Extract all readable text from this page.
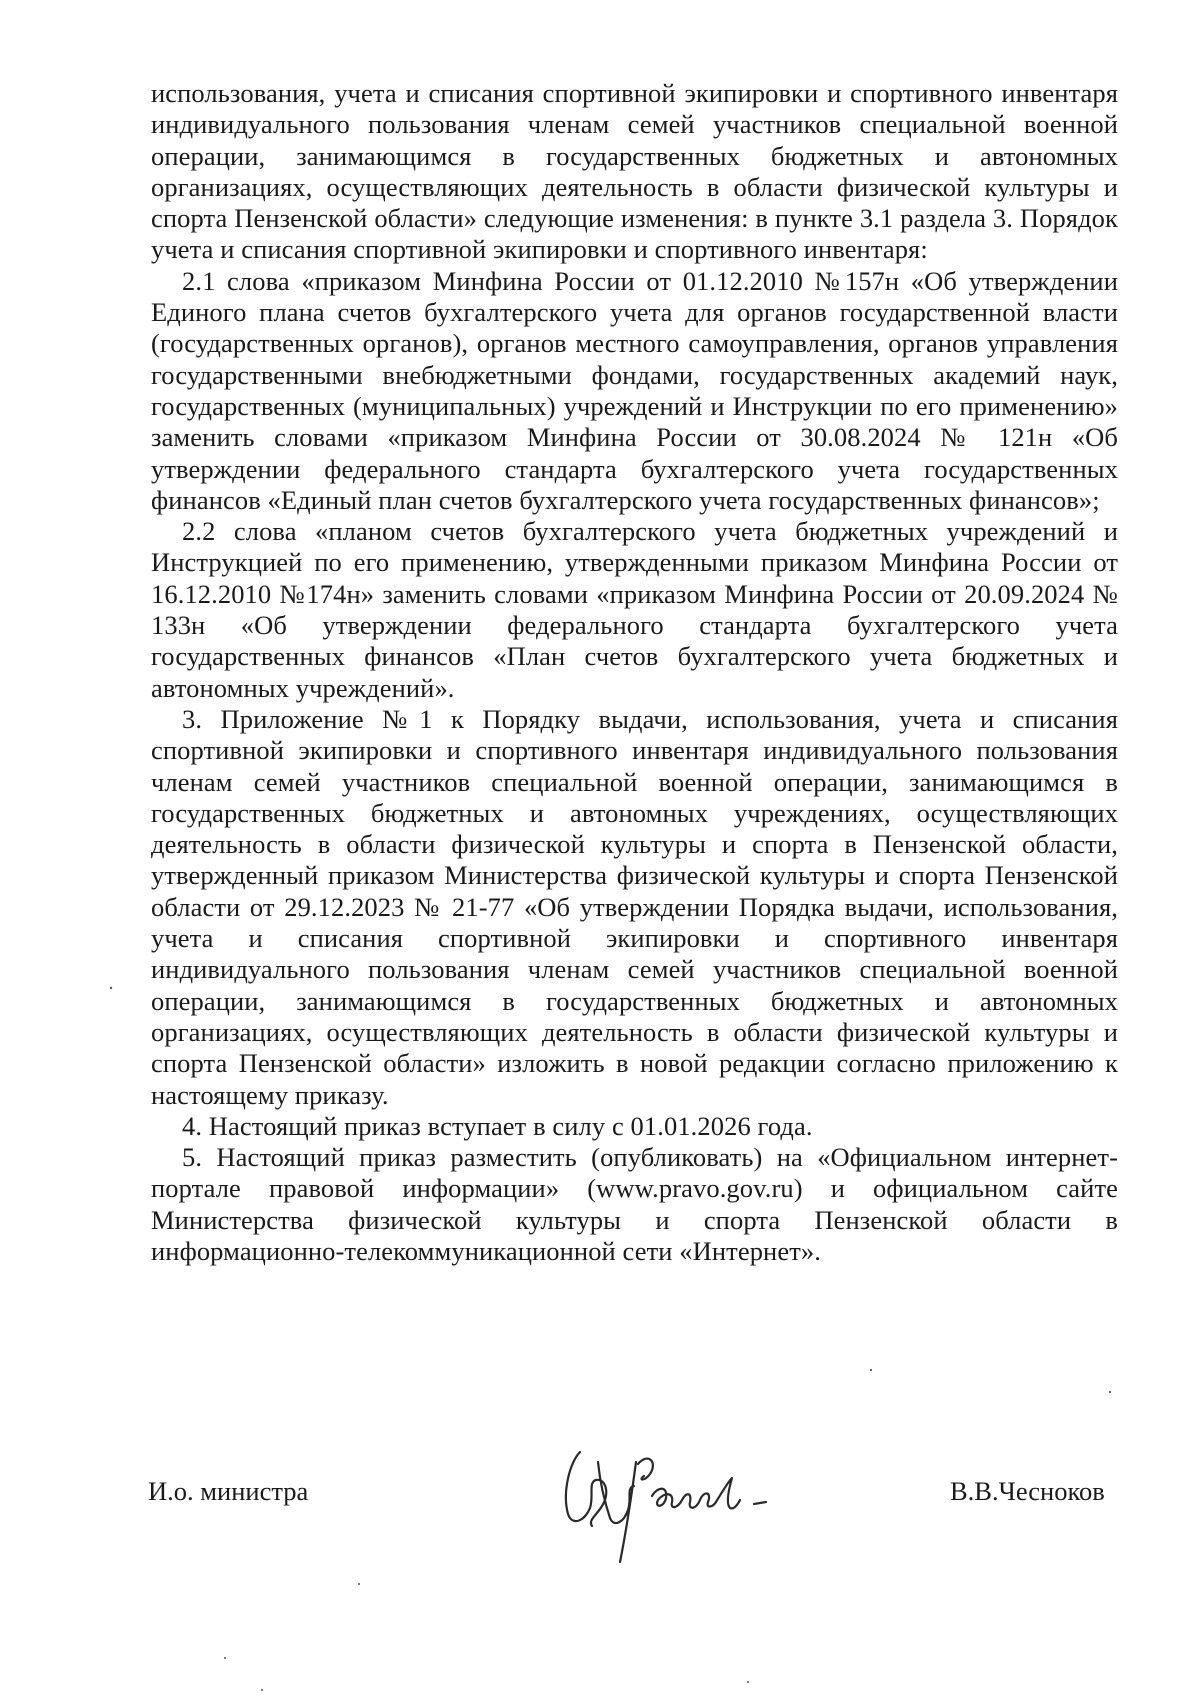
использования, учета и списания спортивной экипировки и спортивного инвентаря индивидуального пользования членам семей участников специальной военной операции, занимающимся в государственных бюджетных и автономных организациях, осуществляющих деятельность в области физической культуры и спорта Пензенской области» следующие изменения: в пункте 3.1 раздела 3. Порядок учета и списания спортивной экипировки и спортивного инвентаря:

2.1 слова «приказом Минфина России от 01.12.2010 №157н «Об утверждении Единого плана счетов бухгалтерского учета для органов государственной власти (государственных органов), органов местного самоуправления, органов управления государственными внебюджетными фондами, государственных академий наук, государственных (муниципальных) учреждений и Инструкции по его применению» заменить словами «приказом Минфина России от 30.08.2024 № 121н «Об утверждении федерального стандарта бухгалтерского учета государственных финансов «Единый план счетов бухгалтерского учета государственных финансов»;

2.2 слова «планом счетов бухгалтерского учета бюджетных учреждений и Инструкцией по его применению, утвержденными приказом Минфина России от 16.12.2010 №174н» заменить словами «приказом Минфина России от 20.09.2024 № 133н «Об утверждении федерального стандарта бухгалтерского учета государственных финансов «План счетов бухгалтерского учета бюджетных и автономных учреждений».

3. Приложение №1 к Порядку выдачи, использования, учета и списания спортивной экипировки и спортивного инвентаря индивидуального пользования членам семей участников специальной военной операции, занимающимся в государственных бюджетных и автономных учреждениях, осуществляющих деятельность в области физической культуры и спорта в Пензенской области, утвержденный приказом Министерства физической культуры и спорта Пензенской области от 29.12.2023 № 21-77 «Об утверждении Порядка выдачи, использования, учета и списания спортивной экипировки и спортивного инвентаря индивидуального пользования членам семей участников специальной военной операции, занимающимся в государственных бюджетных и автономных организациях, осуществляющих деятельность в области физической культуры и спорта Пензенской области» изложить в новой редакции согласно приложению к настоящему приказу.

4. Настоящий приказ вступает в силу с 01.01.2026 года.

5. Настоящий приказ разместить (опубликовать) на «Официальном интернет-портале правовой информации» (www.pravo.gov.ru) и официальном сайте Министерства физической культуры и спорта Пензенской области в информационно-телекоммуникационной сети «Интернет».

И.о. министра	В.В.Чесноков
